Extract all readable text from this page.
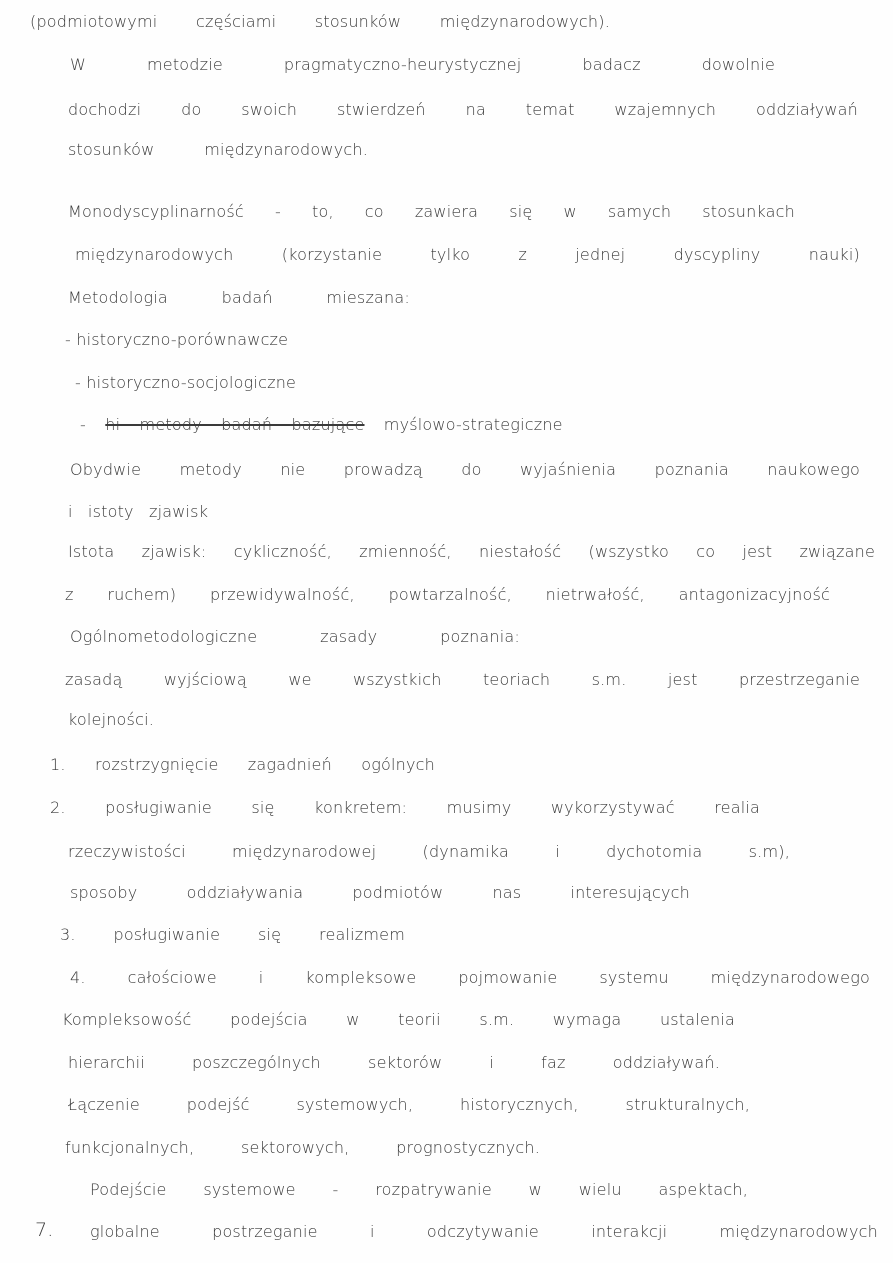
(podmiotowymi częściami stosunków międzynarodowych).
W metodzie pragmatyczno-heurystycznej badacz dowolnie
dochodzi do swoich stwierdzeń na temat wzajemnych oddziaływań
stosunków międzynarodowych.
Monodyscyplinarność - to, co zawiera się w samych stosunkach
międzynarodowych (korzystanie tylko z jednej dyscypliny nauki)
Metodologia badań mieszana:
- historyczno-porównawcze
- historyczno-socjologiczne
- hi metody badań bazujące myślowo-strategiczne
Obydwie metody nie prowadzą do wyjaśnienia poznania naukowego
i istoty zjawisk
Istota zjawisk: cykliczność, zmienność, niestałość (wszystko co jest związane
z ruchem) przewidywalność, powtarzalność, nietrwałość, antagonizacyjność
Ogólnometodologiczne zasady poznania:
zasadą wyjściową we wszystkich teoriach s.m. jest przestrzeganie
kolejności.
1. rozstrzygnięcie zagadnień ogólnych
2. posługiwanie się konkretem: musimy wykorzystywać realia
rzeczywistości międzynarodowej (dynamika i dychotomia s.m),
sposoby oddziaływania podmiotów nas interesujących
3. posługiwanie się realizmem
4. całościowe i kompleksowe pojmowanie systemu międzynarodowego
Kompleksowość podejścia w teorii s.m. wymaga ustalenia
hierarchii poszczególnych sektorów i faz oddziaływań.
Łączenie podejść systemowych, historycznych, strukturalnych,
funkcjonalnych, sektorowych, prognostycznych.
Podejście systemowe - rozpatrywanie w wielu aspektach,
7. globalne postrzeganie i odczytywanie interakcji międzynarodowych
